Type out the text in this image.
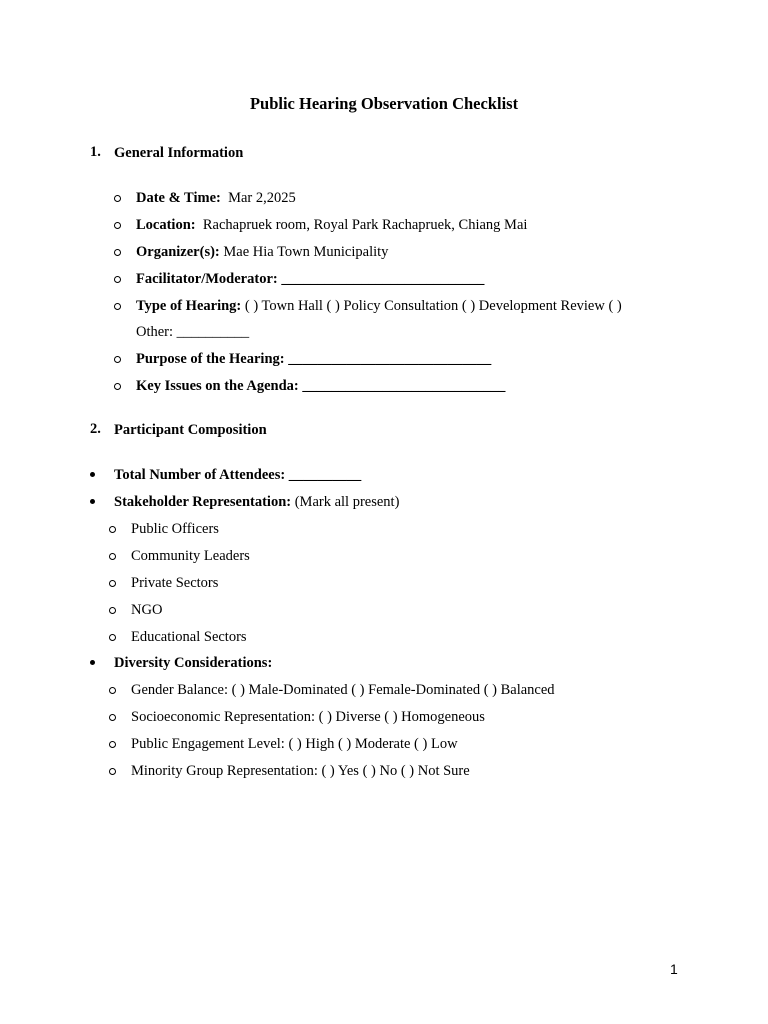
Public Hearing Observation Checklist
1. General Information
Date & Time: Mar 2,2025
Location: Rachapruek room, Royal Park Rachapruek, Chiang Mai
Organizer(s): Mae Hia Town Municipality
Facilitator/Moderator: ____________________________
Type of Hearing: ( ) Town Hall ( ) Policy Consultation ( ) Development Review ( )
Other: __________
Purpose of the Hearing: ____________________________
Key Issues on the Agenda: ____________________________
2. Participant Composition
Total Number of Attendees: __________
Stakeholder Representation: (Mark all present)
Public Officers
Community Leaders
Private Sectors
NGO
Educational Sectors
Diversity Considerations:
Gender Balance: ( ) Male-Dominated ( ) Female-Dominated ( ) Balanced
Socioeconomic Representation: ( ) Diverse ( ) Homogeneous
Public Engagement Level: ( ) High ( ) Moderate ( ) Low
Minority Group Representation: ( ) Yes ( ) No ( ) Not Sure
1
